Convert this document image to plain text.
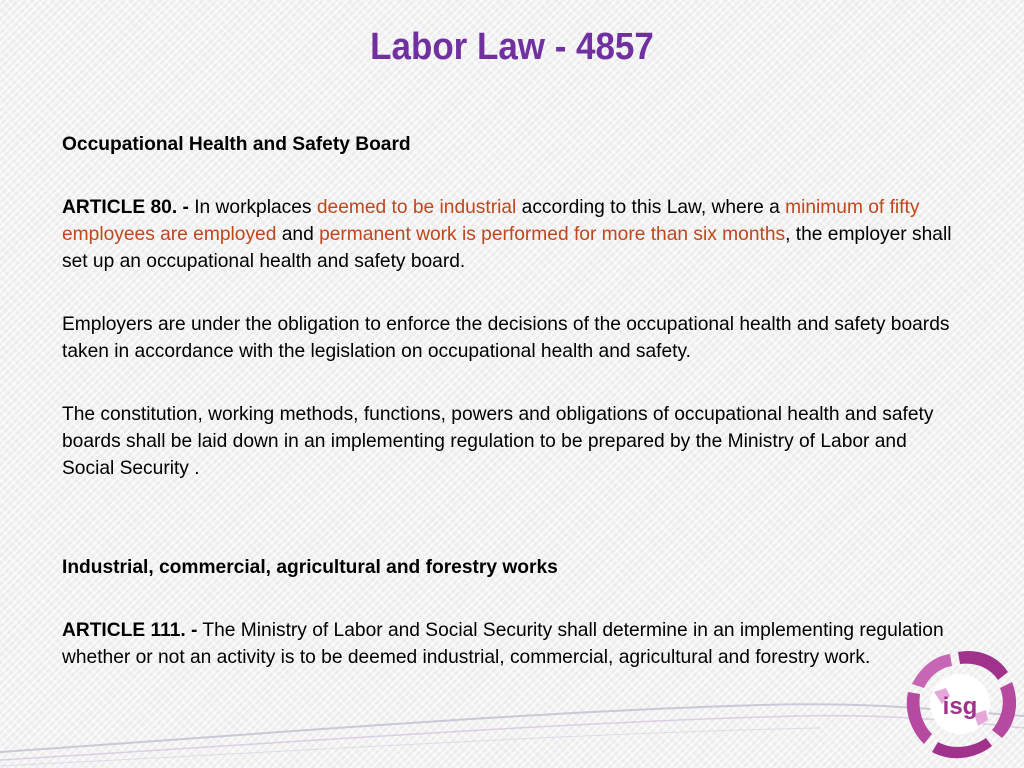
Labor Law - 4857

Occupational Health and Safety Board

ARTICLE 80. - In workplaces deemed to be industrial according to this Law, where a minimum of fifty employees are employed and permanent work is performed for more than six months, the employer shall set up an occupational health and safety board.

Employers are under the obligation to enforce the decisions of the occupational health and safety boards taken in accordance with the legislation on occupational health and safety.

The constitution, working methods, functions, powers and obligations of occupational health and safety boards shall be laid down in an implementing regulation to be prepared by the Ministry of Labor and Social Security .

Industrial, commercial, agricultural and forestry works

ARTICLE 111. - The Ministry of Labor and Social Security shall determine in an implementing regulation whether or not an activity is to be deemed industrial, commercial, agricultural and forestry work.

isg
